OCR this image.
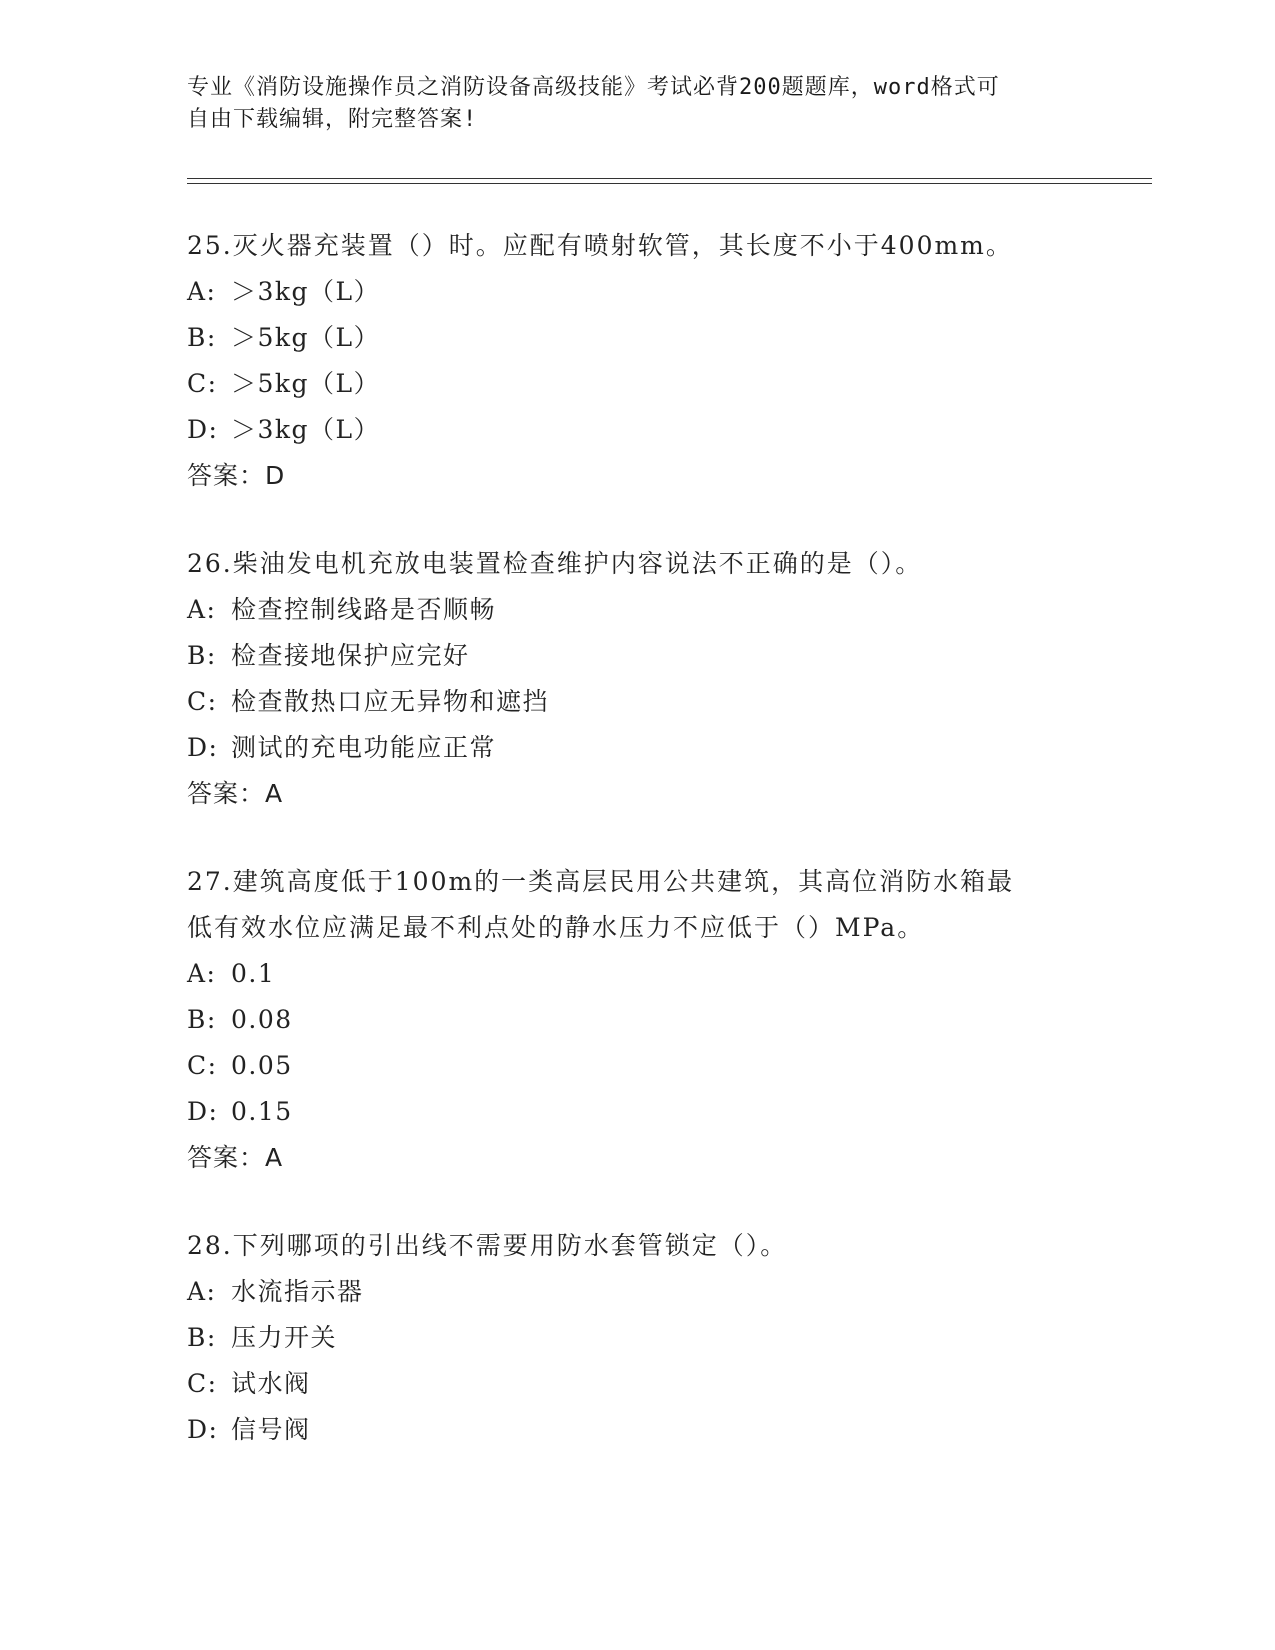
专业《消防设施操作员之消防设备高级技能》考试必背200题题库，word格式可
自由下载编辑，附完整答案!

25.灭火器充装置（）时。应配有喷射软管，其长度不小于400mm。

A: ＞3kg（L）

B: ＞5kg（L）

C: ＞5kg（L）

D: ＞3kg（L）

答案：D

26.柴油发电机充放电装置检查维护内容说法不正确的是（）。

A: 检查控制线路是否顺畅

B: 检查接地保护应完好

C: 检查散热口应无异物和遮挡

D: 测试的充电功能应正常

答案：A

27.建筑高度低于100m的一类高层民用公共建筑，其高位消防水箱最

低有效水位应满足最不利点处的静水压力不应低于（）MPa。

A: 0.1

B: 0.08

C: 0.05

D: 0.15

答案：A

28.下列哪项的引出线不需要用防水套管锁定（）。

A: 水流指示器

B: 压力开关

C: 试水阀

D: 信号阀
